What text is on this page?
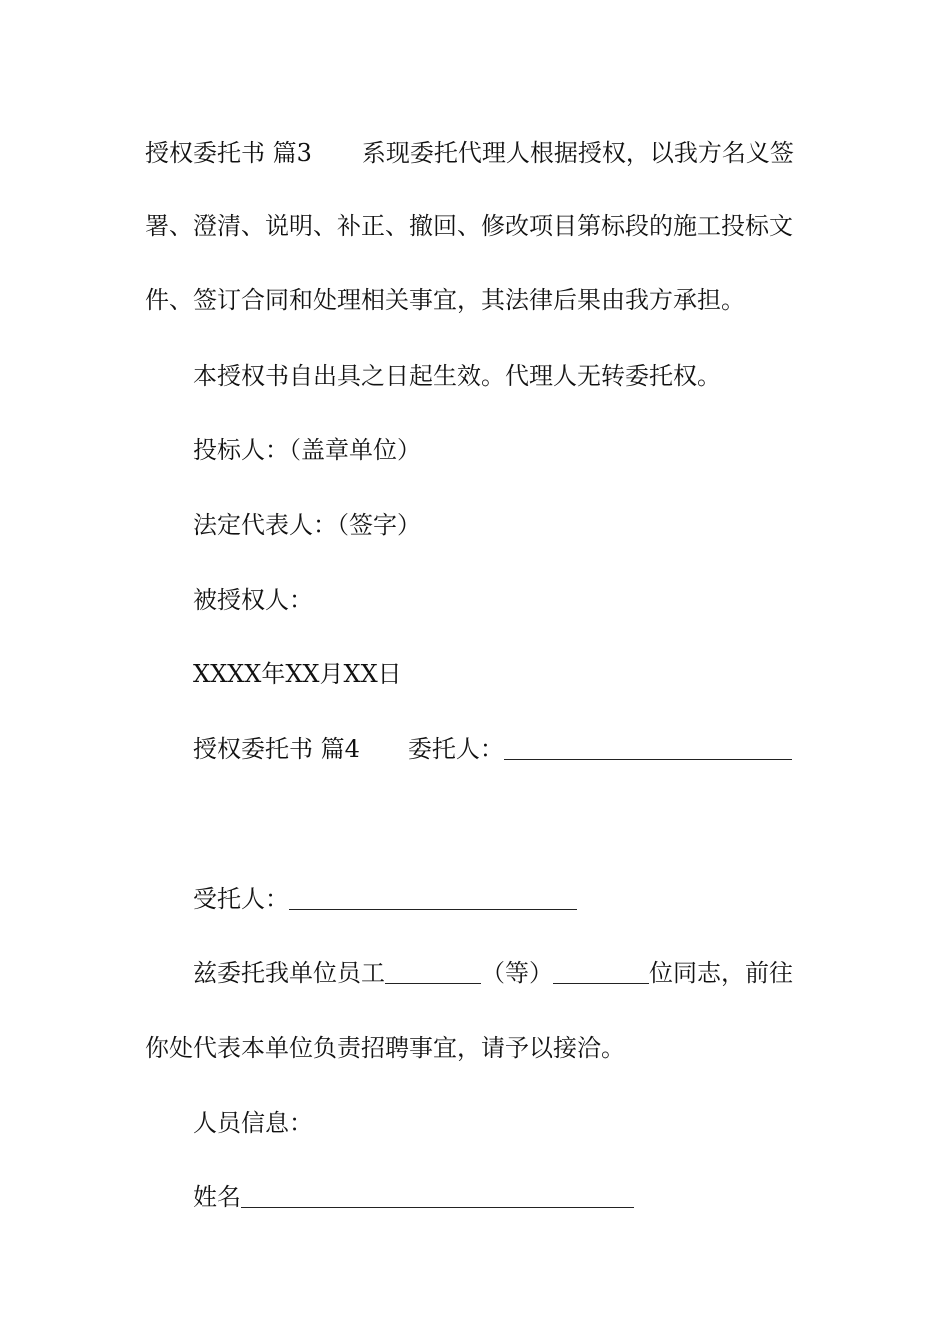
授权委托书 篇3 系现委托代理人根据授权，以我方名义签
署、澄清、说明、补正、撤回、修改项目第标段的施工投标文
件、签订合同和处理相关事宜，其法律后果由我方承担。
本授权书自出具之日起生效。代理人无转委托权。
投标人：（盖章单位）
法定代表人：（签字）
被授权人：
XXXX年XX月XX日
授权委托书 篇4 委托人：
受托人：
兹委托我单位员工	（等）	位同志，前往
你处代表本单位负责招聘事宜，请予以接洽。
人员信息：
姓名
